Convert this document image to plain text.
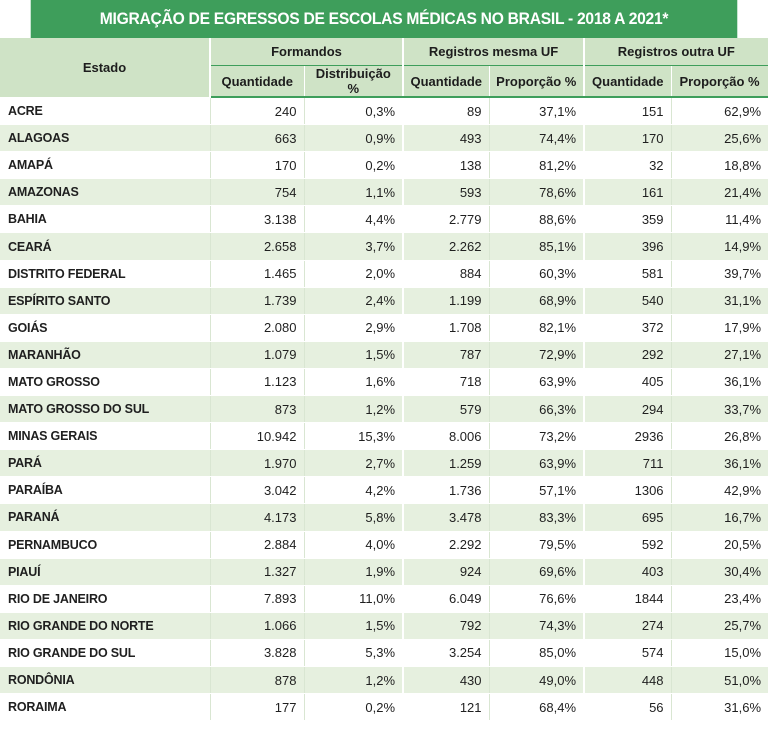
MIGRAÇÃO DE EGRESSOS DE ESCOLAS MÉDICAS NO BRASIL - 2018 A 2021*
Estado	Formandos		Registros mesma UF		Registros outra UF	
	Quantidade	Distribuição %	Quantidade	Proporção %	Quantidade	Proporção %
ACRE	240	0,3%	89	37,1%	151	62,9%
ALAGOAS	663	0,9%	493	74,4%	170	25,6%
AMAPÁ	170	0,2%	138	81,2%	32	18,8%
AMAZONAS	754	1,1%	593	78,6%	161	21,4%
BAHIA	3.138	4,4%	2.779	88,6%	359	11,4%
CEARÁ	2.658	3,7%	2.262	85,1%	396	14,9%
DISTRITO FEDERAL	1.465	2,0%	884	60,3%	581	39,7%
ESPÍRITO SANTO	1.739	2,4%	1.199	68,9%	540	31,1%
GOIÁS	2.080	2,9%	1.708	82,1%	372	17,9%
MARANHÃO	1.079	1,5%	787	72,9%	292	27,1%
MATO GROSSO	1.123	1,6%	718	63,9%	405	36,1%
MATO GROSSO DO SUL	873	1,2%	579	66,3%	294	33,7%
MINAS GERAIS	10.942	15,3%	8.006	73,2%	2936	26,8%
PARÁ	1.970	2,7%	1.259	63,9%	711	36,1%
PARAÍBA	3.042	4,2%	1.736	57,1%	1306	42,9%
PARANÁ	4.173	5,8%	3.478	83,3%	695	16,7%
PERNAMBUCO	2.884	4,0%	2.292	79,5%	592	20,5%
PIAUÍ	1.327	1,9%	924	69,6%	403	30,4%
RIO DE JANEIRO	7.893	11,0%	6.049	76,6%	1844	23,4%
RIO GRANDE DO NORTE	1.066	1,5%	792	74,3%	274	25,7%
RIO GRANDE DO SUL	3.828	5,3%	3.254	85,0%	574	15,0%
RONDÔNIA	878	1,2%	430	49,0%	448	51,0%
RORAIMA	177	0,2%	121	68,4%	56	31,6%
